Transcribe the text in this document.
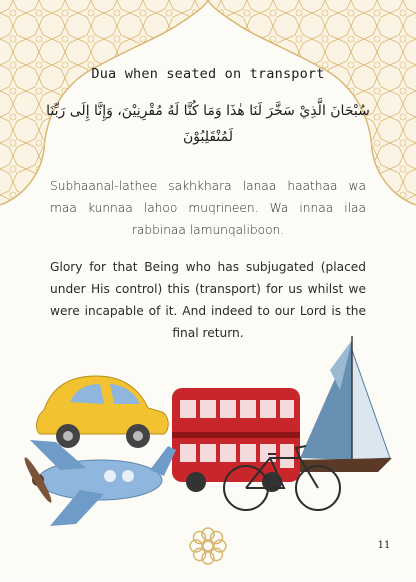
Dua when seated on transport
سُبْحَانَ الَّذِيْ سَخَّرَ لَنَا هٰذَا وَمَا كُنَّا لَهُ مُقْرِنِيْنَ، وَإِنَّا إِلَى رَبِّنَا لَمُنْقَلِبُوْنَ
Subhaanal-lathee sakhkhara lanaa haathaa wa maa kunnaa lahoo muqrineen. Wa innaa ilaa rabbinaa lamunqaliboon.
Glory for that Being who has subjugated (placed under His control) this (transport) for us whilst we were incapable of it. And indeed to our Lord is the final return.
11
